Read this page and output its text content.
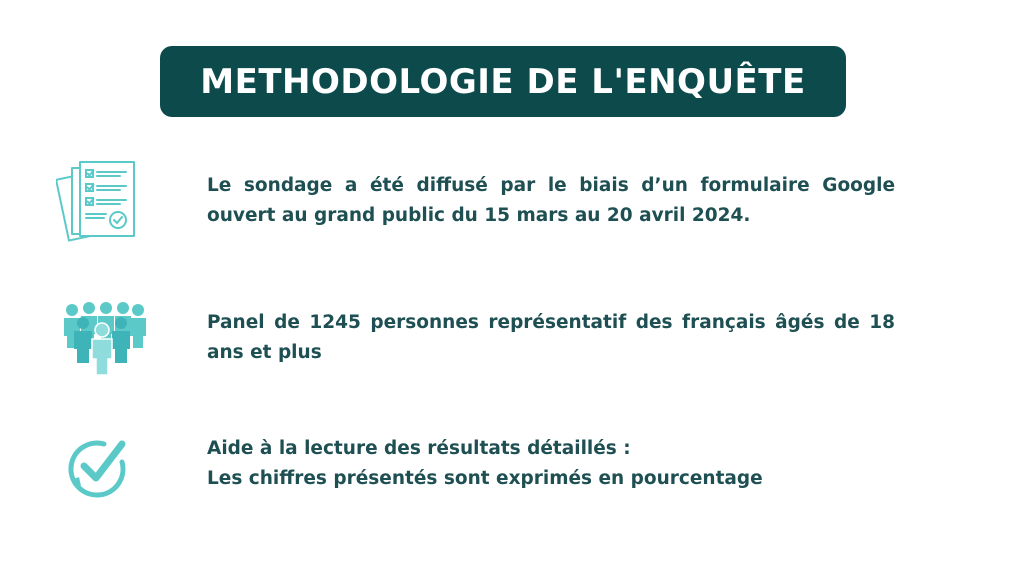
METHODOLOGIE DE L'ENQUÊTE
Le sondage a été diffusé par le biais d’un formulaire Google ouvert au grand public du 15 mars au 20 avril 2024.
Panel de 1245 personnes représentatif des français âgés de 18 ans et plus
Aide à la lecture des résultats détaillés :
Les chiffres présentés sont exprimés en pourcentage
